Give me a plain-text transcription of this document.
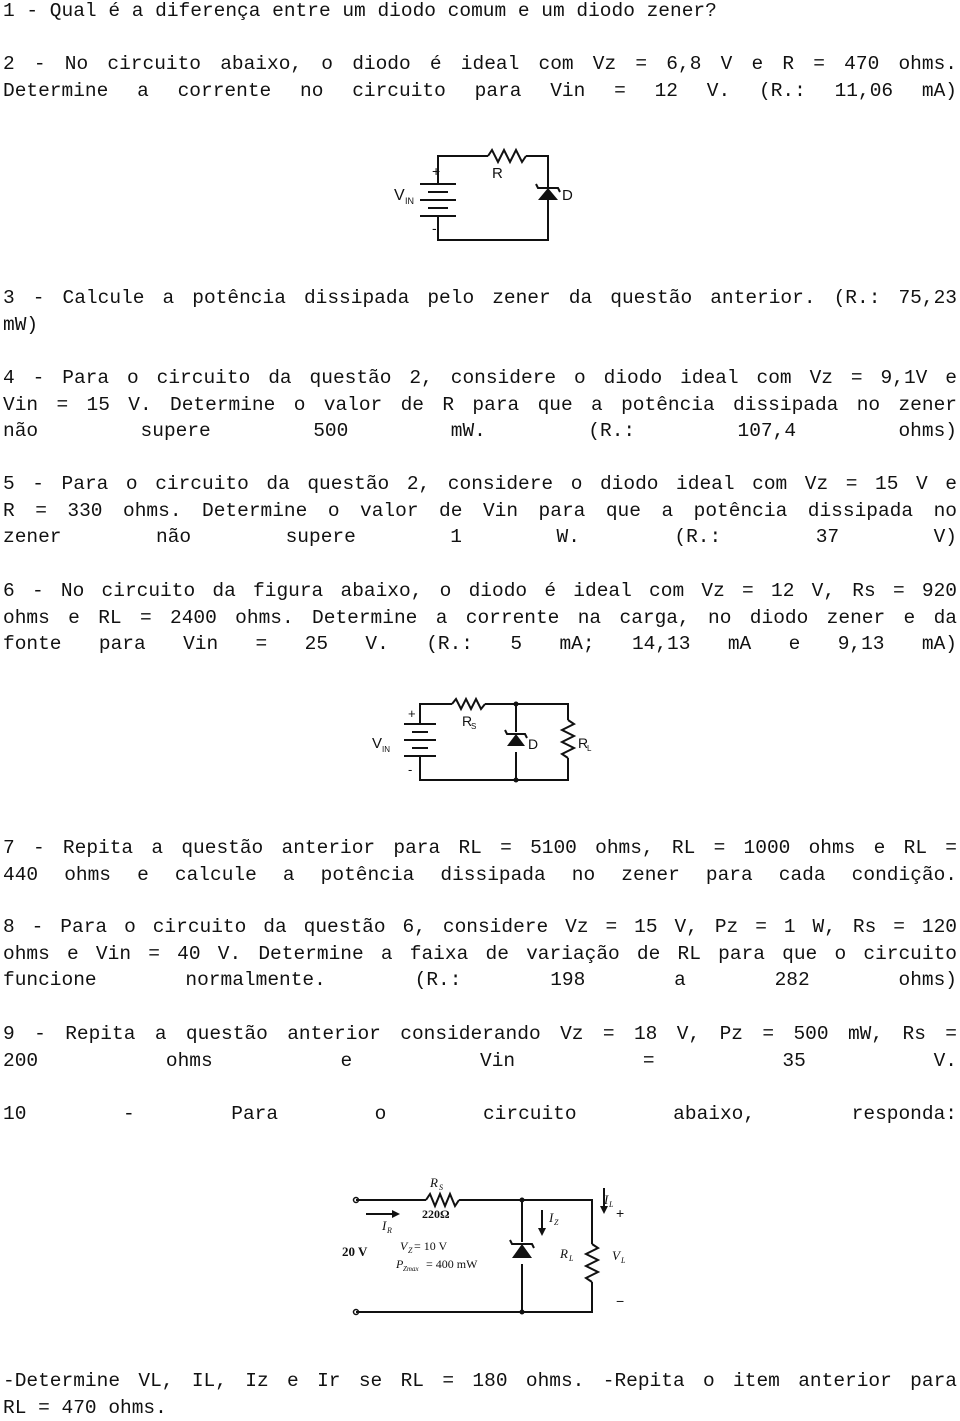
1 - Qual é a diferença entre um diodo comum e um diodo zener?

2 - No circuito abaixo, o diodo é ideal com Vz = 6,8 V e R = 470 ohms.
Determine a corrente no circuito para Vin = 12 V. (R.: 11,06 mA)

+
-
V IN
R
D

3 - Calcule a potência dissipada pelo zener da questão anterior. (R.: 75,23
mW)

4 - Para o circuito da questão 2, considere o diodo ideal com Vz = 9,1V e
Vin = 15 V. Determine o valor de R para que a potência dissipada no zener
não supere 500 mW. (R.: 107,4 ohms)

5 - Para o circuito da questão 2, considere o diodo ideal com Vz = 15 V e
R = 330 ohms. Determine o valor de Vin para que a potência dissipada no
zener não supere 1 W. (R.: 37 V)

6 - No circuito da figura abaixo, o diodo é ideal com Vz = 12 V, Rs = 920
ohms e RL = 2400 ohms. Determine a corrente na carga, no diodo zener e da
fonte para Vin = 25 V. (R.: 5 mA; 14,13 mA e 9,13 mA)

+
-
V IN
R
S
D	R
L

7 - Repita a questão anterior para RL = 5100 ohms, RL = 1000 ohms e RL =
440 ohms e calcule a potência dissipada no zener para cada condição.

8 - Para o circuito da questão 6, considere Vz = 15 V, Pz = 1 W, Rs = 120
ohms e Vin = 40 V. Determine a faixa de variação de RL para que o circuito
funcione normalmente. (R.: 198 a 282 ohms)

9 - Repita a questão anterior considerando Vz = 18 V, Pz = 500 mW, Rs =
200 ohms e Vin = 35 V.

10 - Para o circuito abaixo, responda:

R S
220Ω
I R
I Z
I L
+
−
20 V	V Z = 10 V
P Zmax = 400 mW
R L	V L

-Determine VL, IL, Iz e Ir se RL = 180 ohms. -Repita o item anterior para
RL = 470 ohms.
